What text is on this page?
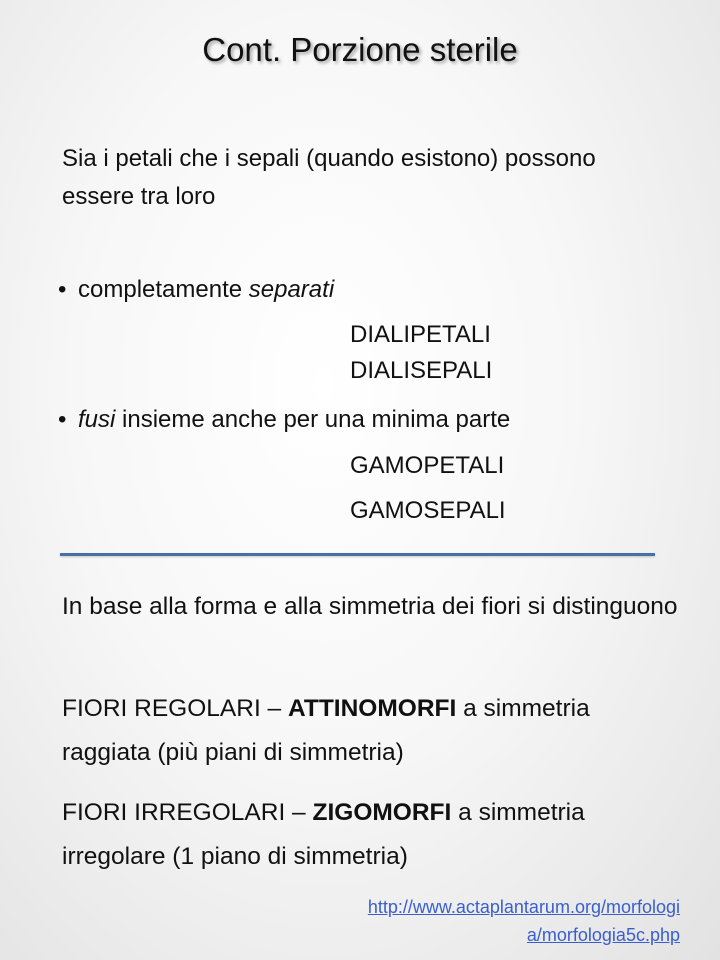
Cont. Porzione sterile
Sia i petali che i sepali (quando esistono) possono essere tra loro
• completamente separati
DIALIPETALI
DIALISEPALI
• fusi insieme anche per una minima parte
GAMOPETALI
GAMOSEPALI
In base alla forma e alla simmetria dei fiori si distinguono
FIORI REGOLARI – ATTINOMORFI a simmetria raggiata (più piani di simmetria)
FIORI IRREGOLARI – ZIGOMORFI a simmetria irregolare (1 piano di simmetria)
http://www.actaplantarum.org/morfologi
a/morfologia5c.php
